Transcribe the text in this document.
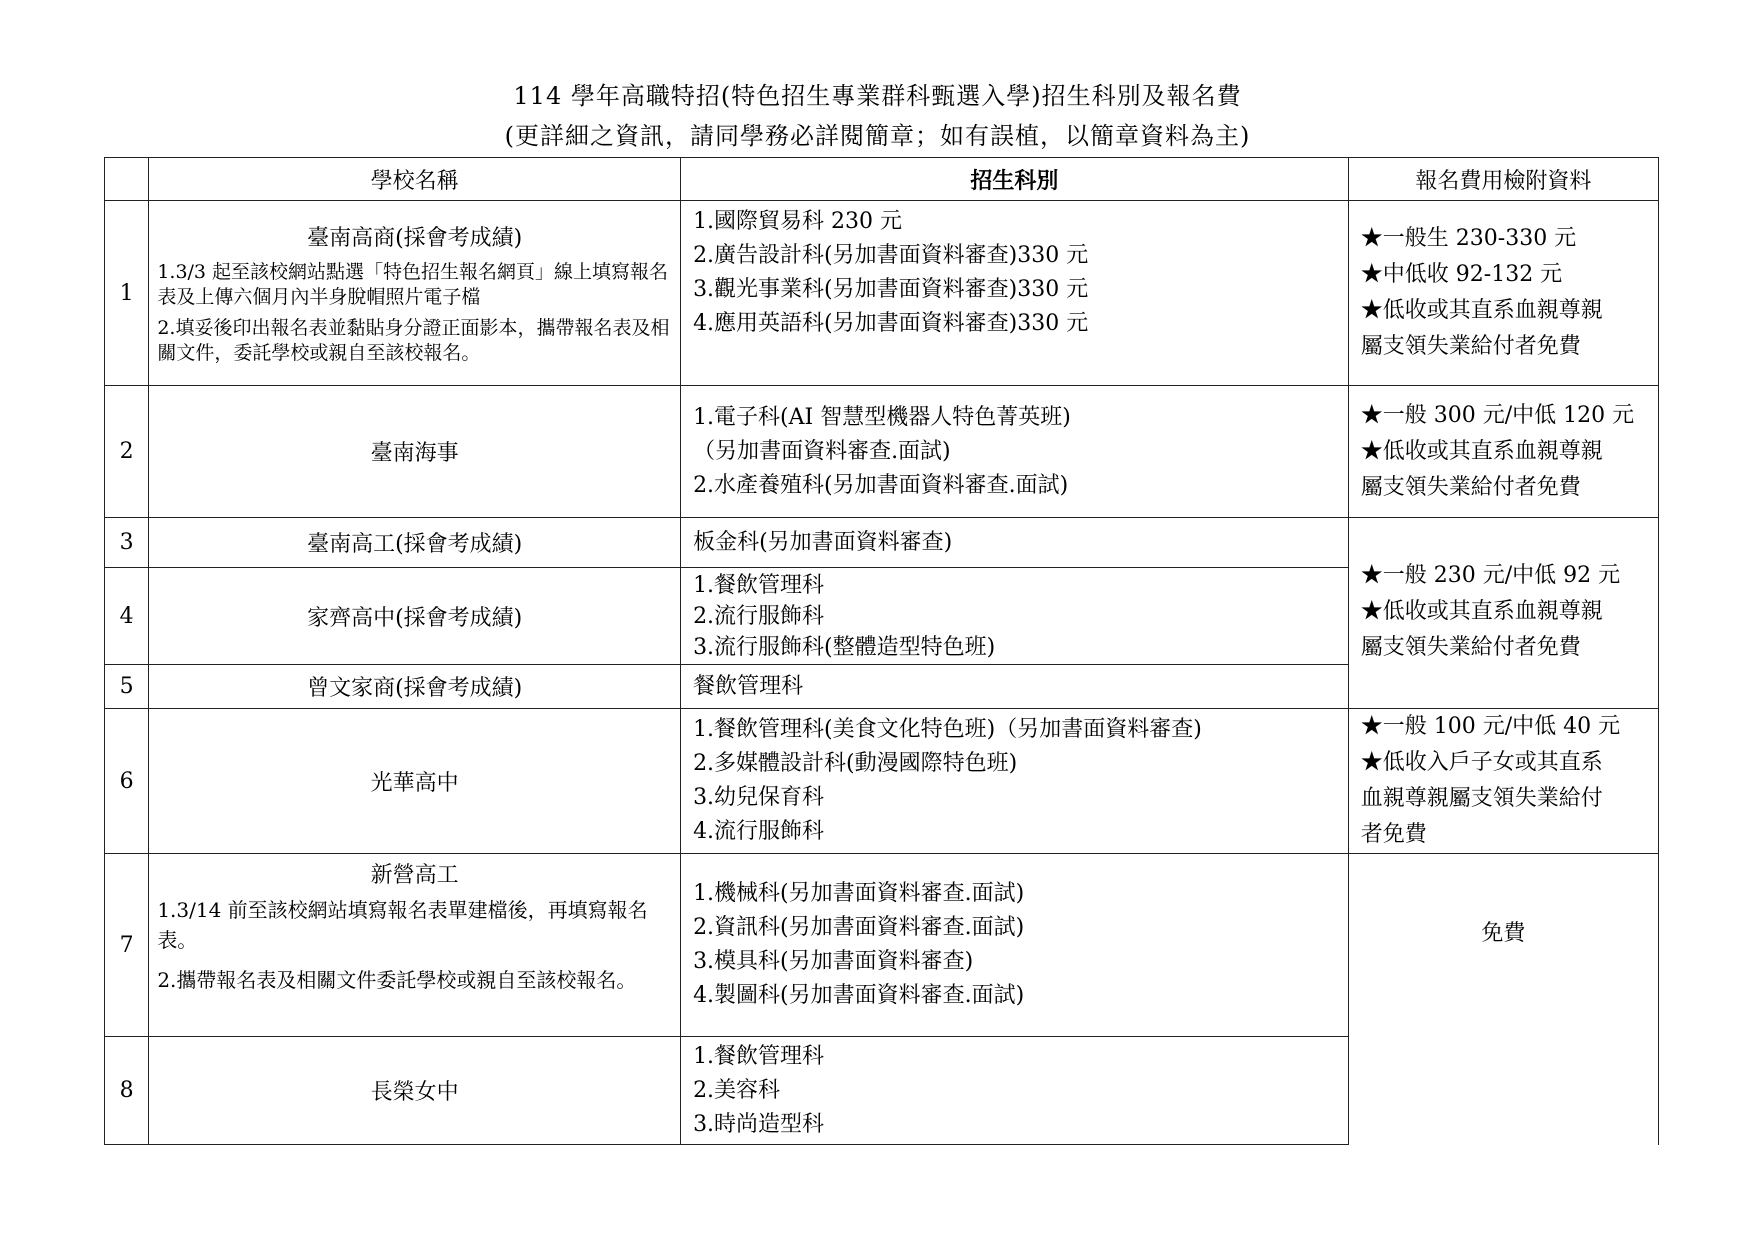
114 學年高職特招(特色招生專業群科甄選入學)招生科別及報名費
(更詳細之資訊，請同學務必詳閱簡章；如有誤植，以簡章資料為主)
	學校名稱	招生科別	報名費用檢附資料
1	臺南高商(採會考成績)
1.3/3 起至該校網站點選「特色招生報名網頁」線上填寫報名表及上傳六個月內半身脫帽照片電子檔
2.填妥後印出報名表並黏貼身分證正面影本，攜帶報名表及相關文件，委託學校或親自至該校報名。	1.國際貿易科 230 元
2.廣告設計科(另加書面資料審查)330 元
3.觀光事業科(另加書面資料審查)330 元
4.應用英語科(另加書面資料審查)330 元	★一般生 230-330 元
★中低收 92-132 元
★低收或其直系血親尊親
屬支領失業給付者免費

2	臺南海事	1.電子科(AI 智慧型機器人特色菁英班)
（另加書面資料審查.面試)
2.水產養殖科(另加書面資料審查.面試)	★一般 300 元/中低 120 元
★低收或其直系血親尊親
屬支領失業給付者免費

3	臺南高工(採會考成績)	板金科(另加書面資料審查)	★一般 230 元/中低 92 元
★低收或其直系血親尊親
屬支領失業給付者免費

4	家齊高中(採會考成績)	1.餐飲管理科
2.流行服飾科
3.流行服飾科(整體造型特色班)	

5	曾文家商(採會考成績)	餐飲管理科	

6	光華高中	1.餐飲管理科(美食文化特色班)（另加書面資料審查)
2.多媒體設計科(動漫國際特色班)
3.幼兒保育科
4.流行服飾科	★一般 100 元/中低 40 元
★低收入戶子女或其直系
血親尊親屬支領失業給付
者免費

7	新營高工
1.3/14 前至該校網站填寫報名表單建檔後，再填寫報名表。
2.攜帶報名表及相關文件委託學校或親自至該校報名。	1.機械科(另加書面資料審查.面試)
2.資訊科(另加書面資料審查.面試)
3.模具科(另加書面資料審查)
4.製圖科(另加書面資料審查.面試)	免費
8	長榮女中	1.餐飲管理科
2.美容科
3.時尚造型科	
